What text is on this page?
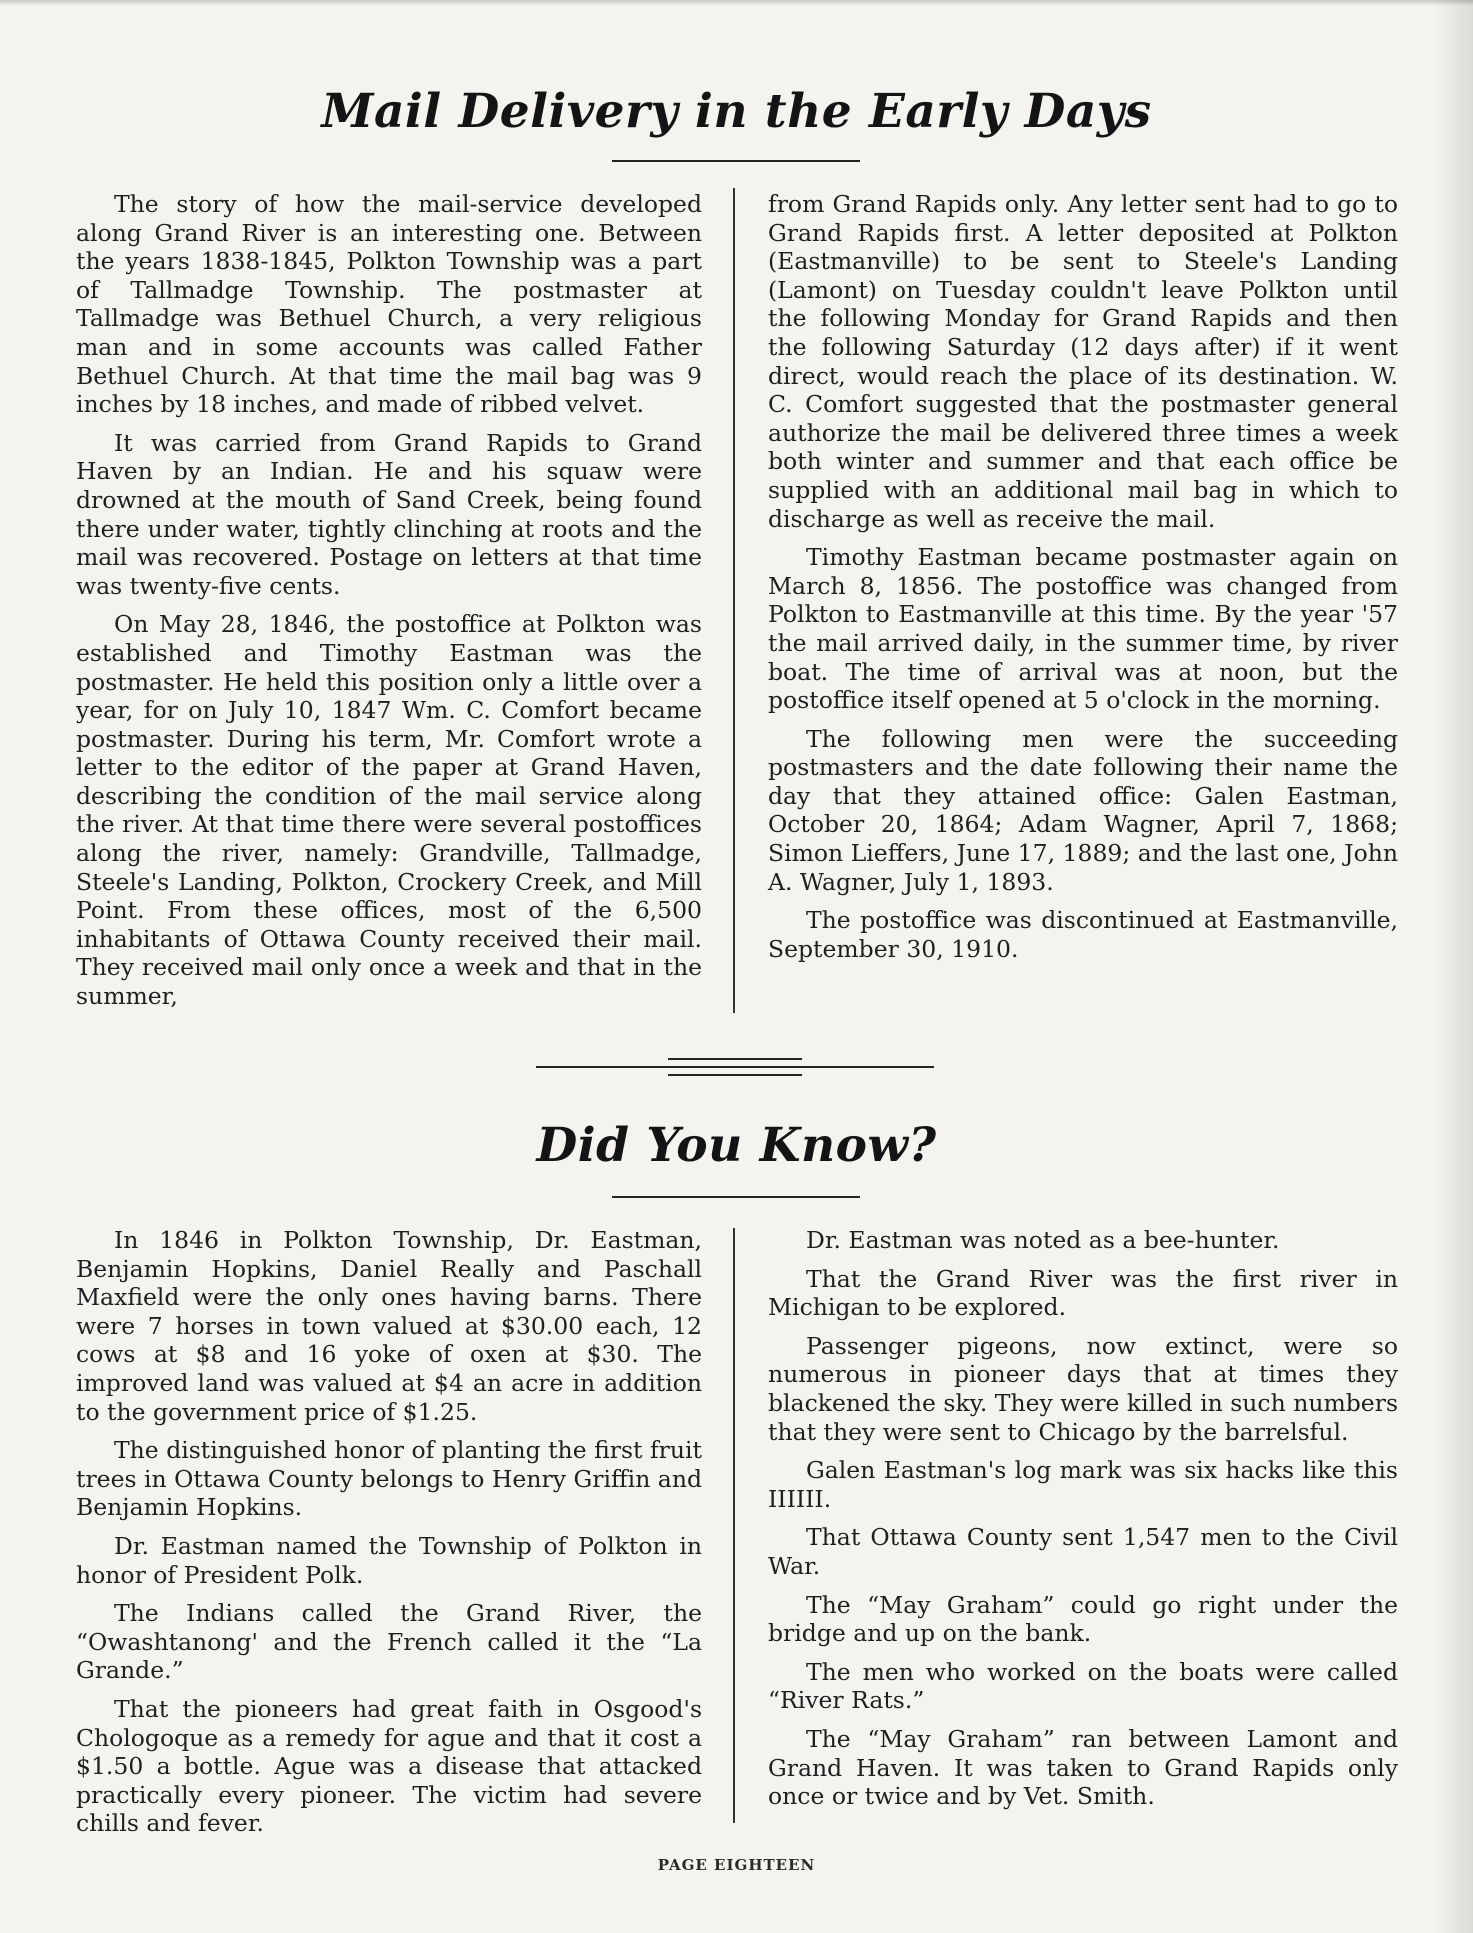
Mail Delivery in the Early Days

The story of how the mail-service developed along Grand River is an interesting one. Between the years 1838-1845, Polkton Township was a part of Tallmadge Township. The postmaster at Tallmadge was Bethuel Church, a very religious man and in some accounts was called Father Bethuel Church. At that time the mail bag was 9 inches by 18 inches, and made of ribbed velvet.

It was carried from Grand Rapids to Grand Haven by an Indian. He and his squaw were drowned at the mouth of Sand Creek, being found there under water, tightly clinching at roots and the mail was recovered. Postage on letters at that time was twenty-five cents.

On May 28, 1846, the postoffice at Polkton was established and Timothy Eastman was the postmaster. He held this position only a little over a year, for on July 10, 1847 Wm. C. Comfort became postmaster. During his term, Mr. Comfort wrote a letter to the editor of the paper at Grand Haven, describing the condition of the mail service along the river. At that time there were several postoffices along the river, namely: Grandville, Tallmadge, Steele's Landing, Polkton, Crockery Creek, and Mill Point. From these offices, most of the 6,500 inhabitants of Ottawa County received their mail. They received mail only once a week and that in the summer,

from Grand Rapids only. Any letter sent had to go to Grand Rapids first. A letter deposited at Polkton (Eastmanville) to be sent to Steele's Landing (Lamont) on Tuesday couldn't leave Polkton until the following Monday for Grand Rapids and then the following Saturday (12 days after) if it went direct, would reach the place of its destination. W. C. Comfort suggested that the postmaster general authorize the mail be delivered three times a week both winter and summer and that each office be supplied with an additional mail bag in which to discharge as well as receive the mail.

Timothy Eastman became postmaster again on March 8, 1856. The postoffice was changed from Polkton to Eastmanville at this time. By the year '57 the mail arrived daily, in the summer time, by river boat. The time of arrival was at noon, but the postoffice itself opened at 5 o'clock in the morning.

The following men were the succeeding postmasters and the date following their name the day that they attained office: Galen Eastman, October 20, 1864; Adam Wagner, April 7, 1868; Simon Lieffers, June 17, 1889; and the last one, John A. Wagner, July 1, 1893.

The postoffice was discontinued at Eastmanville, September 30, 1910.

Did You Know?

In 1846 in Polkton Township, Dr. Eastman, Benjamin Hopkins, Daniel Really and Paschall Maxfield were the only ones having barns. There were 7 horses in town valued at $30.00 each, 12 cows at $8 and 16 yoke of oxen at $30. The improved land was valued at $4 an acre in addition to the government price of $1.25.

The distinguished honor of planting the first fruit trees in Ottawa County belongs to Henry Griffin and Benjamin Hopkins.

Dr. Eastman named the Township of Polkton in honor of President Polk.

The Indians called the Grand River, the “Owashtanong' and the French called it the “La Grande.”

That the pioneers had great faith in Osgood's Chologoque as a remedy for ague and that it cost a $1.50 a bottle. Ague was a disease that attacked practically every pioneer. The victim had severe chills and fever.

Dr. Eastman was noted as a bee-hunter.

That the Grand River was the first river in Michigan to be explored.

Passenger pigeons, now extinct, were so numerous in pioneer days that at times they blackened the sky. They were killed in such numbers that they were sent to Chicago by the barrelsful.

Galen Eastman's log mark was six hacks like this IIIIII.

That Ottawa County sent 1,547 men to the Civil War.

The “May Graham” could go right under the bridge and up on the bank.

The men who worked on the boats were called “River Rats.”

The “May Graham” ran between Lamont and Grand Haven. It was taken to Grand Rapids only once or twice and by Vet. Smith.

PAGE EIGHTEEN
